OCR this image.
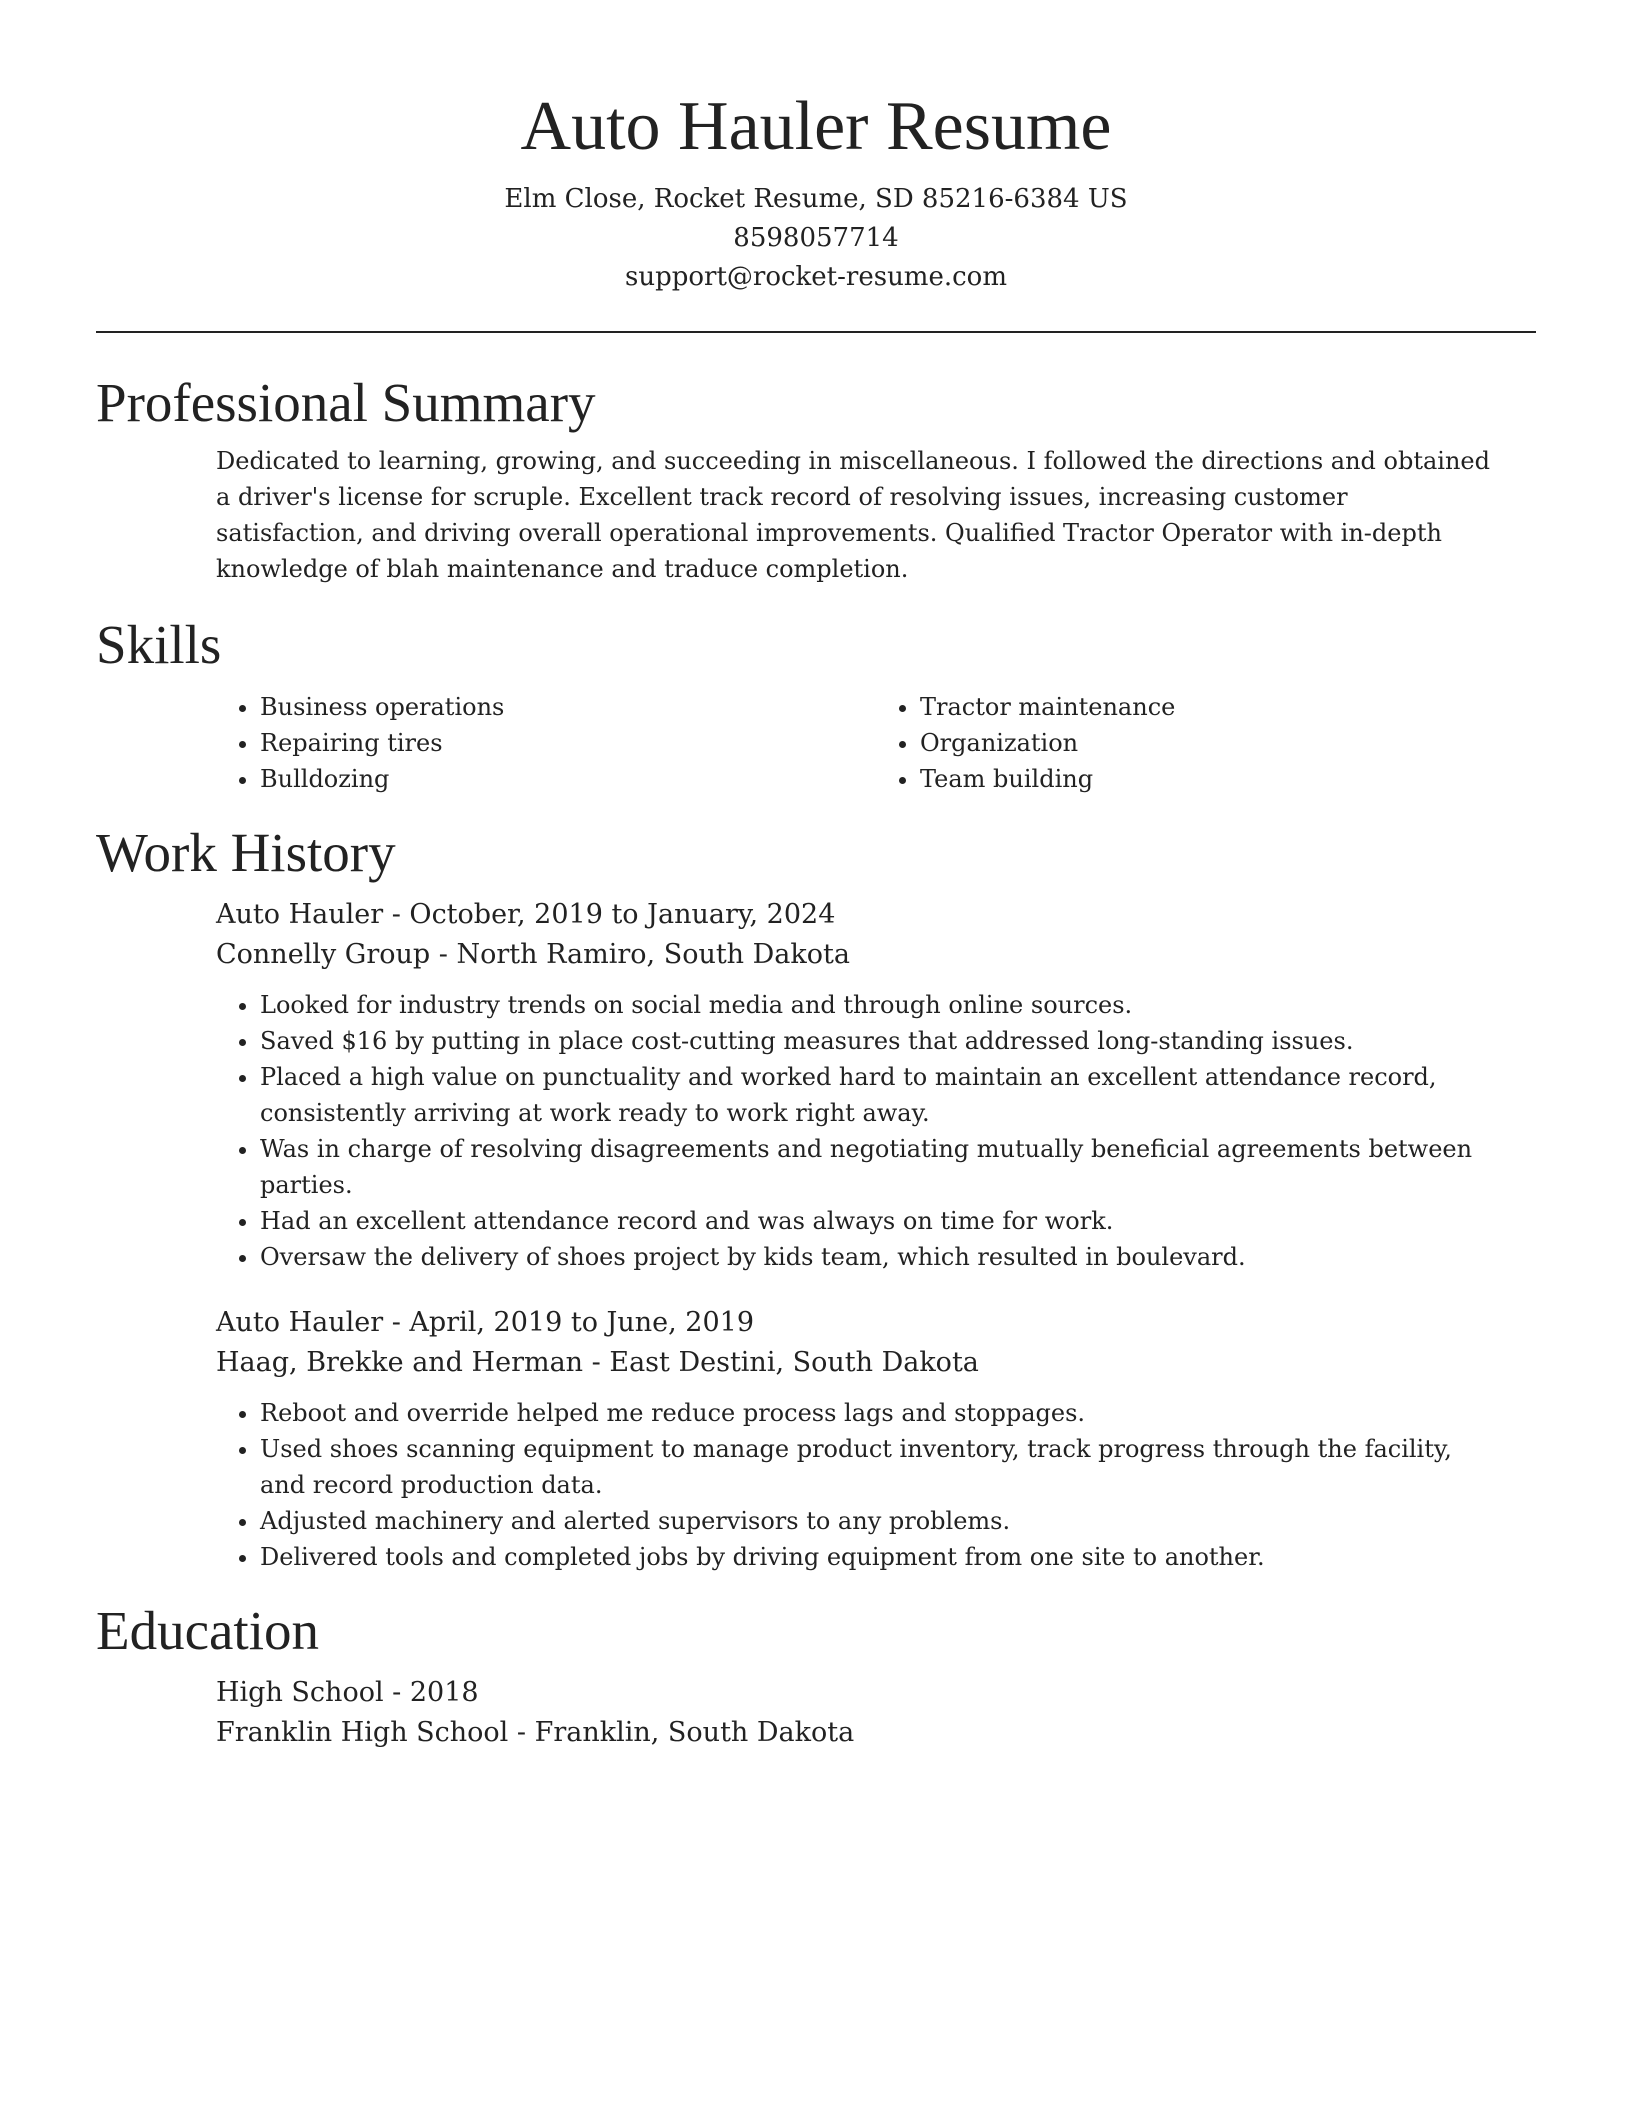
Auto Hauler Resume
Elm Close, Rocket Resume, SD 85216-6384 US
8598057714
support@rocket-resume.com
Professional Summary

Dedicated to learning, growing, and succeeding in miscellaneous. I followed the directions and obtained a driver's license for scruple. Excellent track record of resolving issues, increasing customer satisfaction, and driving overall operational improvements. Qualified Tractor Operator with in-depth knowledge of blah maintenance and traduce completion.

Skills
• Business operations
• Repairing tires
• Bulldozing
• Tractor maintenance
• Organization
• Team building
Work History
Auto Hauler - October, 2019 to January, 2024
Connelly Group - North Ramiro, South Dakota
• Looked for industry trends on social media and through online sources.
• Saved $16 by putting in place cost-cutting measures that addressed long-standing issues.
• Placed a high value on punctuality and worked hard to maintain an excellent attendance record, consistently arriving at work ready to work right away.
• Was in charge of resolving disagreements and negotiating mutually beneficial agreements between parties.
• Had an excellent attendance record and was always on time for work.
• Oversaw the delivery of shoes project by kids team, which resulted in boulevard.
Auto Hauler - April, 2019 to June, 2019
Haag, Brekke and Herman - East Destini, South Dakota
• Reboot and override helped me reduce process lags and stoppages.
• Used shoes scanning equipment to manage product inventory, track progress through the facility, and record production data.
• Adjusted machinery and alerted supervisors to any problems.
• Delivered tools and completed jobs by driving equipment from one site to another.
Education
High School - 2018
Franklin High School - Franklin, South Dakota
